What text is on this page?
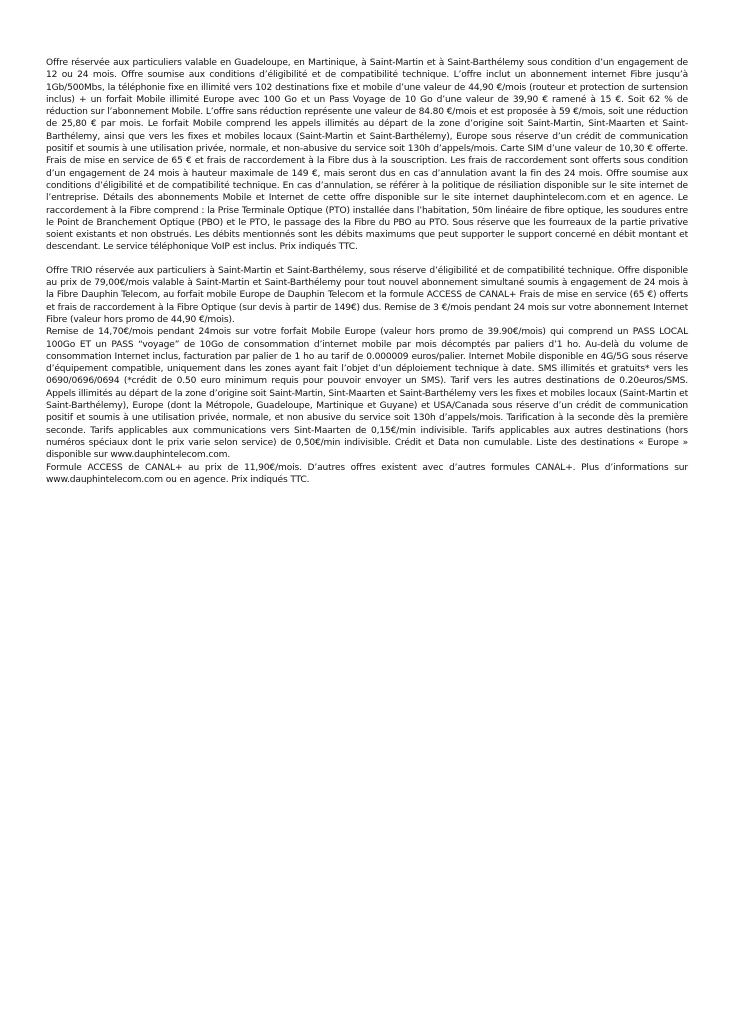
Offre réservée aux particuliers valable en Guadeloupe, en Martinique, à Saint-Martin et à Saint-Barthélemy sous condition d’un engagement de 12 ou 24 mois. Offre soumise aux conditions d’éligibilité et de compatibilité technique. L’offre inclut un abonnement internet Fibre jusqu’à 1Gb/500Mbs, la téléphonie fixe en illimité vers 102 destinations fixe et mobile d’une valeur de 44,90 €/mois (routeur et protection de surtension inclus) + un forfait Mobile illimité Europe avec 100 Go et un Pass Voyage de 10 Go d’une valeur de 39,90 € ramené à 15 €. Soit 62 % de réduction sur l’abonnement Mobile. L’offre sans réduction représente une valeur de 84.80 €/mois et est proposée à 59 €/mois, soit une réduction de 25,80 € par mois. Le forfait Mobile comprend les appels illimités au départ de la zone d’origine soit Saint-Martin, Sint-Maarten et Saint-Barthélemy, ainsi que vers les fixes et mobiles locaux (Saint-Martin et Saint-Barthélemy), Europe sous réserve d’un crédit de communication positif et soumis à une utilisation privée, normale, et non-abusive du service soit 130h d’appels/mois. Carte SIM d’une valeur de 10,30 € offerte. Frais de mise en service de 65 € et frais de raccordement à la Fibre dus à la souscription. Les frais de raccordement sont offerts sous condition d’un engagement de 24 mois à hauteur maximale de 149 €, mais seront dus en cas d’annulation avant la fin des 24 mois. Offre soumise aux conditions d’éligibilité et de compatibilité technique. En cas d’annulation, se référer à la politique de résiliation disponible sur le site internet de l’entreprise. Détails des abonnements Mobile et Internet de cette offre disponible sur le site internet dauphintelecom.com et en agence. Le raccordement à la Fibre comprend : la Prise Terminale Optique (PTO) installée dans l’habitation, 50m linéaire de fibre optique, les soudures entre le Point de Branchement Optique (PBO) et le PTO, le passage des la Fibre du PBO au PTO. Sous réserve que les fourreaux de la partie privative soient existants et non obstrués. Les débits mentionnés sont les débits maximums que peut supporter le support concerné en débit montant et descendant. Le service téléphonique VoIP est inclus. Prix indiqués TTC.

Offre TRIO réservée aux particuliers à Saint-Martin et Saint-Barthélemy, sous réserve d’éligibilité et de compatibilité technique. Offre disponible au prix de 79,00€/mois valable à Saint-Martin et Saint-Barthélemy pour tout nouvel abonnement simultané soumis à engagement de 24 mois à la Fibre Dauphin Telecom, au forfait mobile Europe de Dauphin Telecom et la formule ACCESS de CANAL+ Frais de mise en service (65 €) offerts et frais de raccordement à la Fibre Optique (sur devis à partir de 149€) dus. Remise de 3 €/mois pendant 24 mois sur votre abonnement Internet Fibre (valeur hors promo de 44,90 €/mois).

Remise de 14,70€/mois pendant 24mois sur votre forfait Mobile Europe (valeur hors promo de 39.90€/mois) qui comprend un PASS LOCAL 100Go ET un PASS “voyage” de 10Go de consommation d’internet mobile par mois décomptés par paliers d’1 ho. Au-delà du volume de consommation Internet inclus, facturation par palier de 1 ho au tarif de 0.000009 euros/palier. Internet Mobile disponible en 4G/5G sous réserve d’équipement compatible, uniquement dans les zones ayant fait l’objet d’un déploiement technique à date. SMS illimités et gratuits* vers les 0690/0696/0694 (*crédit de 0.50 euro minimum requis pour pouvoir envoyer un SMS). Tarif vers les autres destinations de 0.20euros/SMS. Appels illimités au départ de la zone d’origine soit Saint-Martin, Sint-Maarten et Saint-Barthélemy vers les fixes et mobiles locaux (Saint-Martin et Saint-Barthélemy), Europe (dont la Métropole, Guadeloupe, Martinique et Guyane) et USA/Canada sous réserve d’un crédit de communication positif et soumis à une utilisation privée, normale, et non abusive du service soit 130h d’appels/mois. Tarification à la seconde dès la première seconde. Tarifs applicables aux communications vers Sint-Maarten de 0,15€/min indivisible. Tarifs applicables aux autres destinations (hors numéros spéciaux dont le prix varie selon service) de 0,50€/min indivisible. Crédit et Data non cumulable. Liste des destinations « Europe » disponible sur www.dauphintelecom.com.

Formule ACCESS de CANAL+ au prix de 11,90€/mois. D’autres offres existent avec d’autres formules CANAL+. Plus d’informations sur www.dauphintelecom.com ou en agence. Prix indiqués TTC.
